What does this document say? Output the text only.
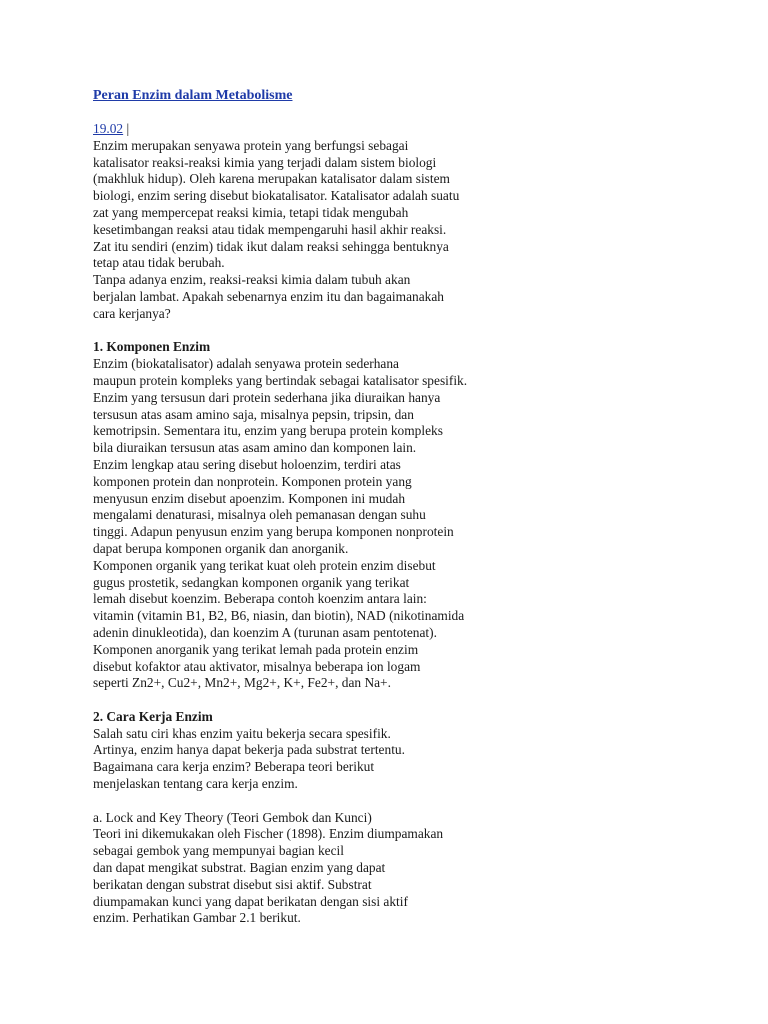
Peran Enzim dalam Metabolisme
19.02 |
Enzim merupakan senyawa protein yang berfungsi sebagai
katalisator reaksi-reaksi kimia yang terjadi dalam sistem biologi
(makhluk hidup). Oleh karena merupakan katalisator dalam sistem
biologi, enzim sering disebut biokatalisator. Katalisator adalah suatu
zat yang mempercepat reaksi kimia, tetapi tidak mengubah
kesetimbangan reaksi atau tidak mempengaruhi hasil akhir reaksi.
Zat itu sendiri (enzim) tidak ikut dalam reaksi sehingga bentuknya
tetap atau tidak berubah.
Tanpa adanya enzim, reaksi-reaksi kimia dalam tubuh akan
berjalan lambat. Apakah sebenarnya enzim itu dan bagaimanakah
cara kerjanya?
1. Komponen Enzim
Enzim (biokatalisator) adalah senyawa protein sederhana
maupun protein kompleks yang bertindak sebagai katalisator spesifik.
Enzim yang tersusun dari protein sederhana jika diuraikan hanya
tersusun atas asam amino saja, misalnya pepsin, tripsin, dan
kemotripsin. Sementara itu, enzim yang berupa protein kompleks
bila diuraikan tersusun atas asam amino dan komponen lain.
Enzim lengkap atau sering disebut holoenzim, terdiri atas
komponen protein dan nonprotein. Komponen protein yang
menyusun enzim disebut apoenzim. Komponen ini mudah
mengalami denaturasi, misalnya oleh pemanasan dengan suhu
tinggi. Adapun penyusun enzim yang berupa komponen nonprotein
dapat berupa komponen organik dan anorganik.
Komponen organik yang terikat kuat oleh protein enzim disebut
gugus prostetik, sedangkan komponen organik yang terikat
lemah disebut koenzim. Beberapa contoh koenzim antara lain:
vitamin (vitamin B1, B2, B6, niasin, dan biotin), NAD (nikotinamida
adenin dinukleotida), dan koenzim A (turunan asam pentotenat).
Komponen anorganik yang terikat lemah pada protein enzim
disebut kofaktor atau aktivator, misalnya beberapa ion logam
seperti Zn2+, Cu2+, Mn2+, Mg2+, K+, Fe2+, dan Na+.
2. Cara Kerja Enzim
Salah satu ciri khas enzim yaitu bekerja secara spesifik.
Artinya, enzim hanya dapat bekerja pada substrat tertentu.
Bagaimana cara kerja enzim? Beberapa teori berikut
menjelaskan tentang cara kerja enzim.
a. Lock and Key Theory (Teori Gembok dan Kunci)
Teori ini dikemukakan oleh Fischer (1898). Enzim diumpamakan
sebagai gembok yang mempunyai bagian kecil
dan dapat mengikat substrat. Bagian enzim yang dapat
berikatan dengan substrat disebut sisi aktif. Substrat
diumpamakan kunci yang dapat berikatan dengan sisi aktif
enzim. Perhatikan Gambar 2.1 berikut.
